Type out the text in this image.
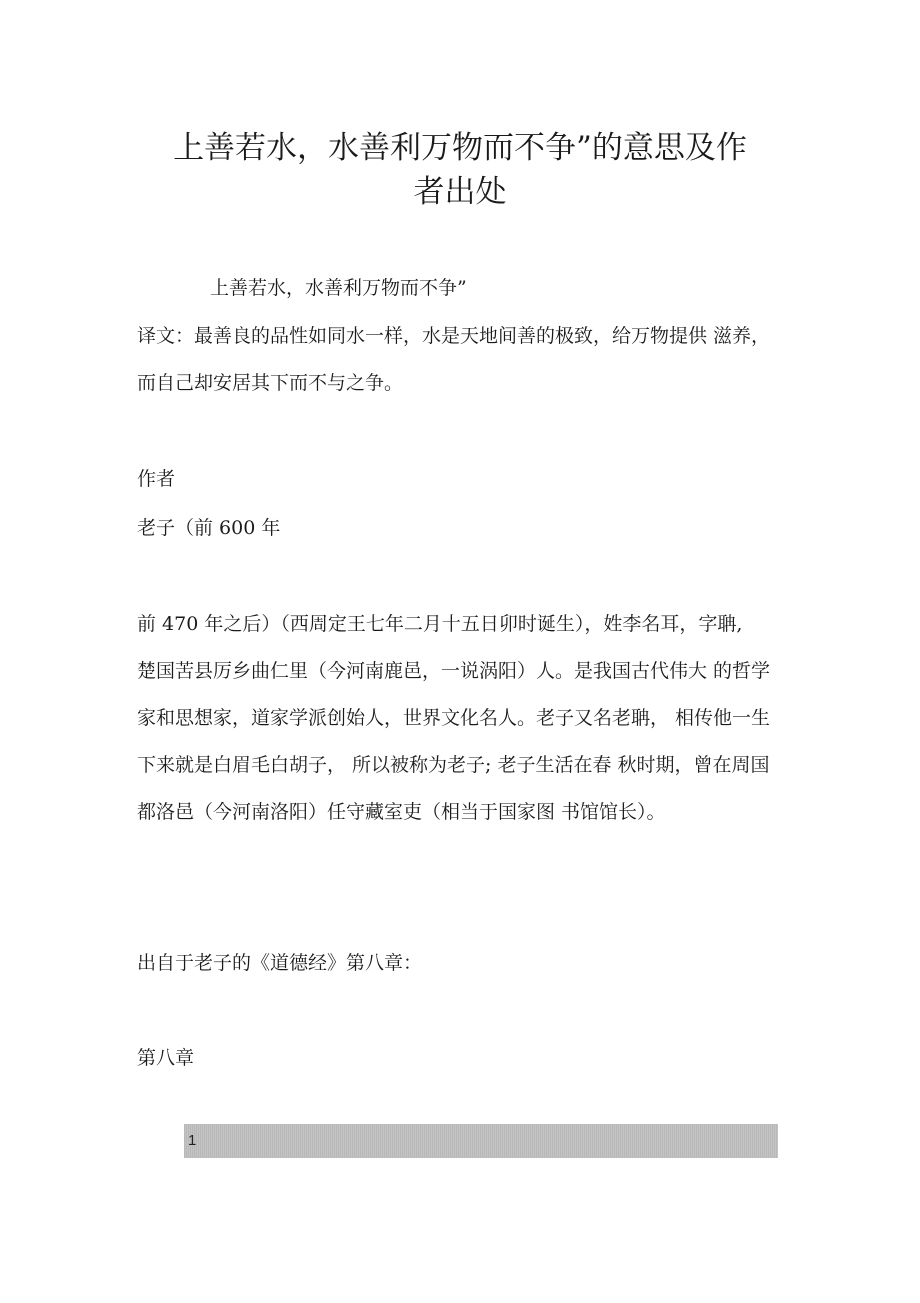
上善若水，水善利万物而不争”的意思及作
者出处

上善若水，水善利万物而不争”

译文：最善良的品性如同水一样，水是天地间善的极致，给万物提供 滋养，

而自己却安居其下而不与之争。

作者

老子（前 600 年

前 470 年之后）（西周定王七年二月十五日卯时诞生），姓李名耳，字聃,

楚国苦县厉乡曲仁里（今河南鹿邑，一说涡阳）人。是我国古代伟大 的哲学

家和思想家，道家学派创始人，世界文化名人。老子又名老聃， 相传他一生

下来就是白眉毛白胡子， 所以被称为老子; 老子生活在春 秋时期，曾在周国

都洛邑（今河南洛阳）任守藏室吏（相当于国家图 书馆馆长）。

出自于老子的《道德经》第八章：

第八章

1
